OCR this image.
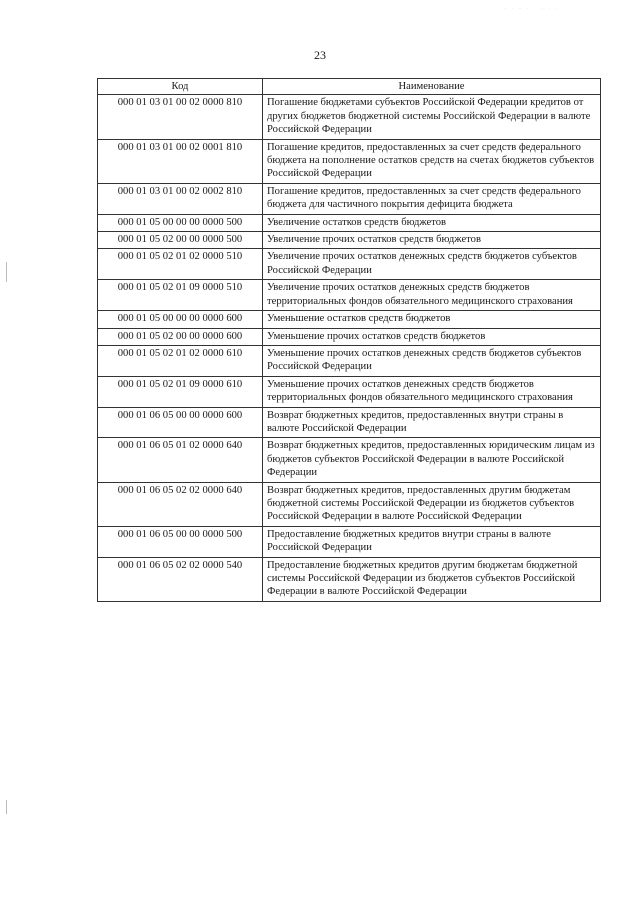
· · · ·   · · ·
23
Код	Наименование
000 01 03 01 00 02 0000 810	Погашение бюджетами субъектов Российской Федерации кредитов от других бюджетов бюджетной системы Российской Федерации в валюте Российской Федерации
000 01 03 01 00 02 0001 810	Погашение кредитов, предоставленных за счет средств федерального бюджета на пополнение остатков средств на счетах бюджетов субъектов Российской Федерации
000 01 03 01 00 02 0002 810	Погашение кредитов, предоставленных за счет средств федерального бюджета для частичного покрытия дефицита бюджета
000 01 05 00 00 00 0000 500	Увеличение остатков средств бюджетов
000 01 05 02 00 00 0000 500	Увеличение прочих остатков средств бюджетов
000 01 05 02 01 02 0000 510	Увеличение прочих остатков денежных средств бюджетов субъектов Российской Федерации
000 01 05 02 01 09 0000 510	Увеличение прочих остатков денежных средств бюджетов территориальных фондов обязательного медицинского страхования
000 01 05 00 00 00 0000 600	Уменьшение остатков средств бюджетов
000 01 05 02 00 00 0000 600	Уменьшение прочих остатков средств бюджетов
000 01 05 02 01 02 0000 610	Уменьшение прочих остатков денежных средств бюджетов субъектов Российской Федерации
000 01 05 02 01 09 0000 610	Уменьшение прочих остатков денежных средств бюджетов территориальных фондов обязательного медицинского страхования
000 01 06 05 00 00 0000 600	Возврат бюджетных кредитов, предоставленных внутри страны в валюте Российской Федерации
000 01 06 05 01 02 0000 640	Возврат бюджетных кредитов, предоставленных юридическим лицам из бюджетов субъектов Российской Федерации в валюте Российской Федерации
000 01 06 05 02 02 0000 640	Возврат бюджетных кредитов, предоставленных другим бюджетам бюджетной системы Российской Федерации из бюджетов субъектов Российской Федерации в валюте Российской Федерации
000 01 06 05 00 00 0000 500	Предоставление бюджетных кредитов внутри страны в валюте Российской Федерации
000 01 06 05 02 02 0000 540	Предоставление бюджетных кредитов другим бюджетам бюджетной системы Российской Федерации из бюджетов субъектов Российской Федерации в валюте Российской Федерации
